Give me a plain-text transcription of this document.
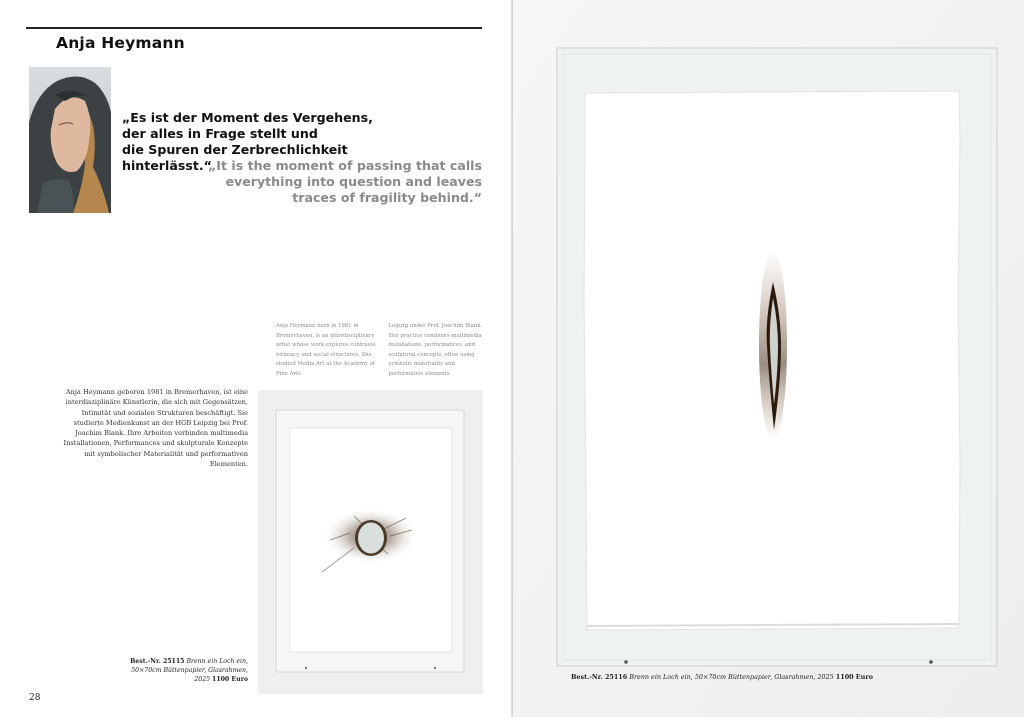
Anja Heymann
„Es ist der Moment des Vergehens,
der alles in Frage stellt und
die Spuren der Zerbrechlichkeit
hinterlässt.“
„It is the moment of passing that calls
everything into question and leaves
traces of fragility behind.“
Anja Heymann born in 1981 in Bremerhaven, is an interdisciplinary artist whose work explores contrasts, intimacy, and social structures. She studied Media Art at the Academy of Fine Arts
Leipzig under Prof. Joachim Blank. Her practice combines multimedia installations, performances, and sculptural concepts, often using symbolic materiality and performative elements.
Anja Heymann geboren 1981 in Bremerhaven, ist eine interdisziplinäre Künstlerin, die sich mit Gegensätzen, Intimität und sozialen Strukturen beschäftigt. Sie studierte Medienkunst an der HGB Leipzig bei Prof. Joachim Blank. Ihre Arbeiten verbinden multimedia Installationen, Performances und skulpturale Konzepte mit symbolischer Materialität und performativen Elementen.
Best.-Nr. 25115 Brenn ein Loch ein,
50×70cm Büttenpapier, Glasrahmen,
2025 1100 Euro
28
Best.-Nr. 25116 Brenn ein Loch ein, 50×70cm Büttenpapier, Glasrahmen, 2025 1100 Euro
